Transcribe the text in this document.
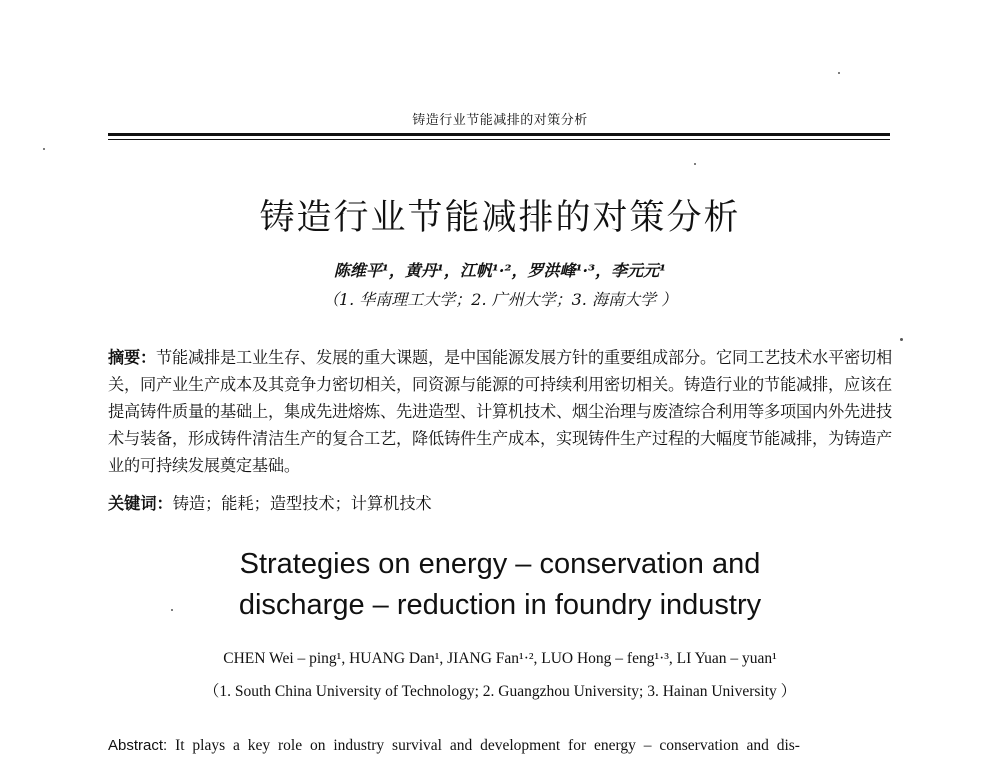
铸造行业节能减排的对策分析
铸造行业节能减排的对策分析
陈维平¹，黄丹¹，江帆¹·²，罗洪峰¹·³，李元元¹
（1. 华南理工大学；2. 广州大学；3. 海南大学 ）
摘要：节能减排是工业生存、发展的重大课题，是中国能源发展方针的重要组成部分。它同工艺技术水平密切相关，同产业生产成本及其竞争力密切相关，同资源与能源的可持续利用密切相关。铸造行业的节能减排，应该在提高铸件质量的基础上，集成先进熔炼、先进造型、计算机技术、烟尘治理与废渣综合利用等多项国内外先进技术与装备，形成铸件清洁生产的复合工艺，降低铸件生产成本，实现铸件生产过程的大幅度节能减排，为铸造产业的可持续发展奠定基础。
关键词：铸造；能耗；造型技术；计算机技术
Strategies on energy – conservation and
discharge – reduction in foundry industry
CHEN Wei – ping¹, HUANG Dan¹, JIANG Fan¹·², LUO Hong – feng¹·³, LI Yuan – yuan¹
（1. South China University of Technology; 2. Guangzhou University; 3. Hainan University ）
Abstract: It plays a key role on industry survival and development for energy – conservation and dis-
